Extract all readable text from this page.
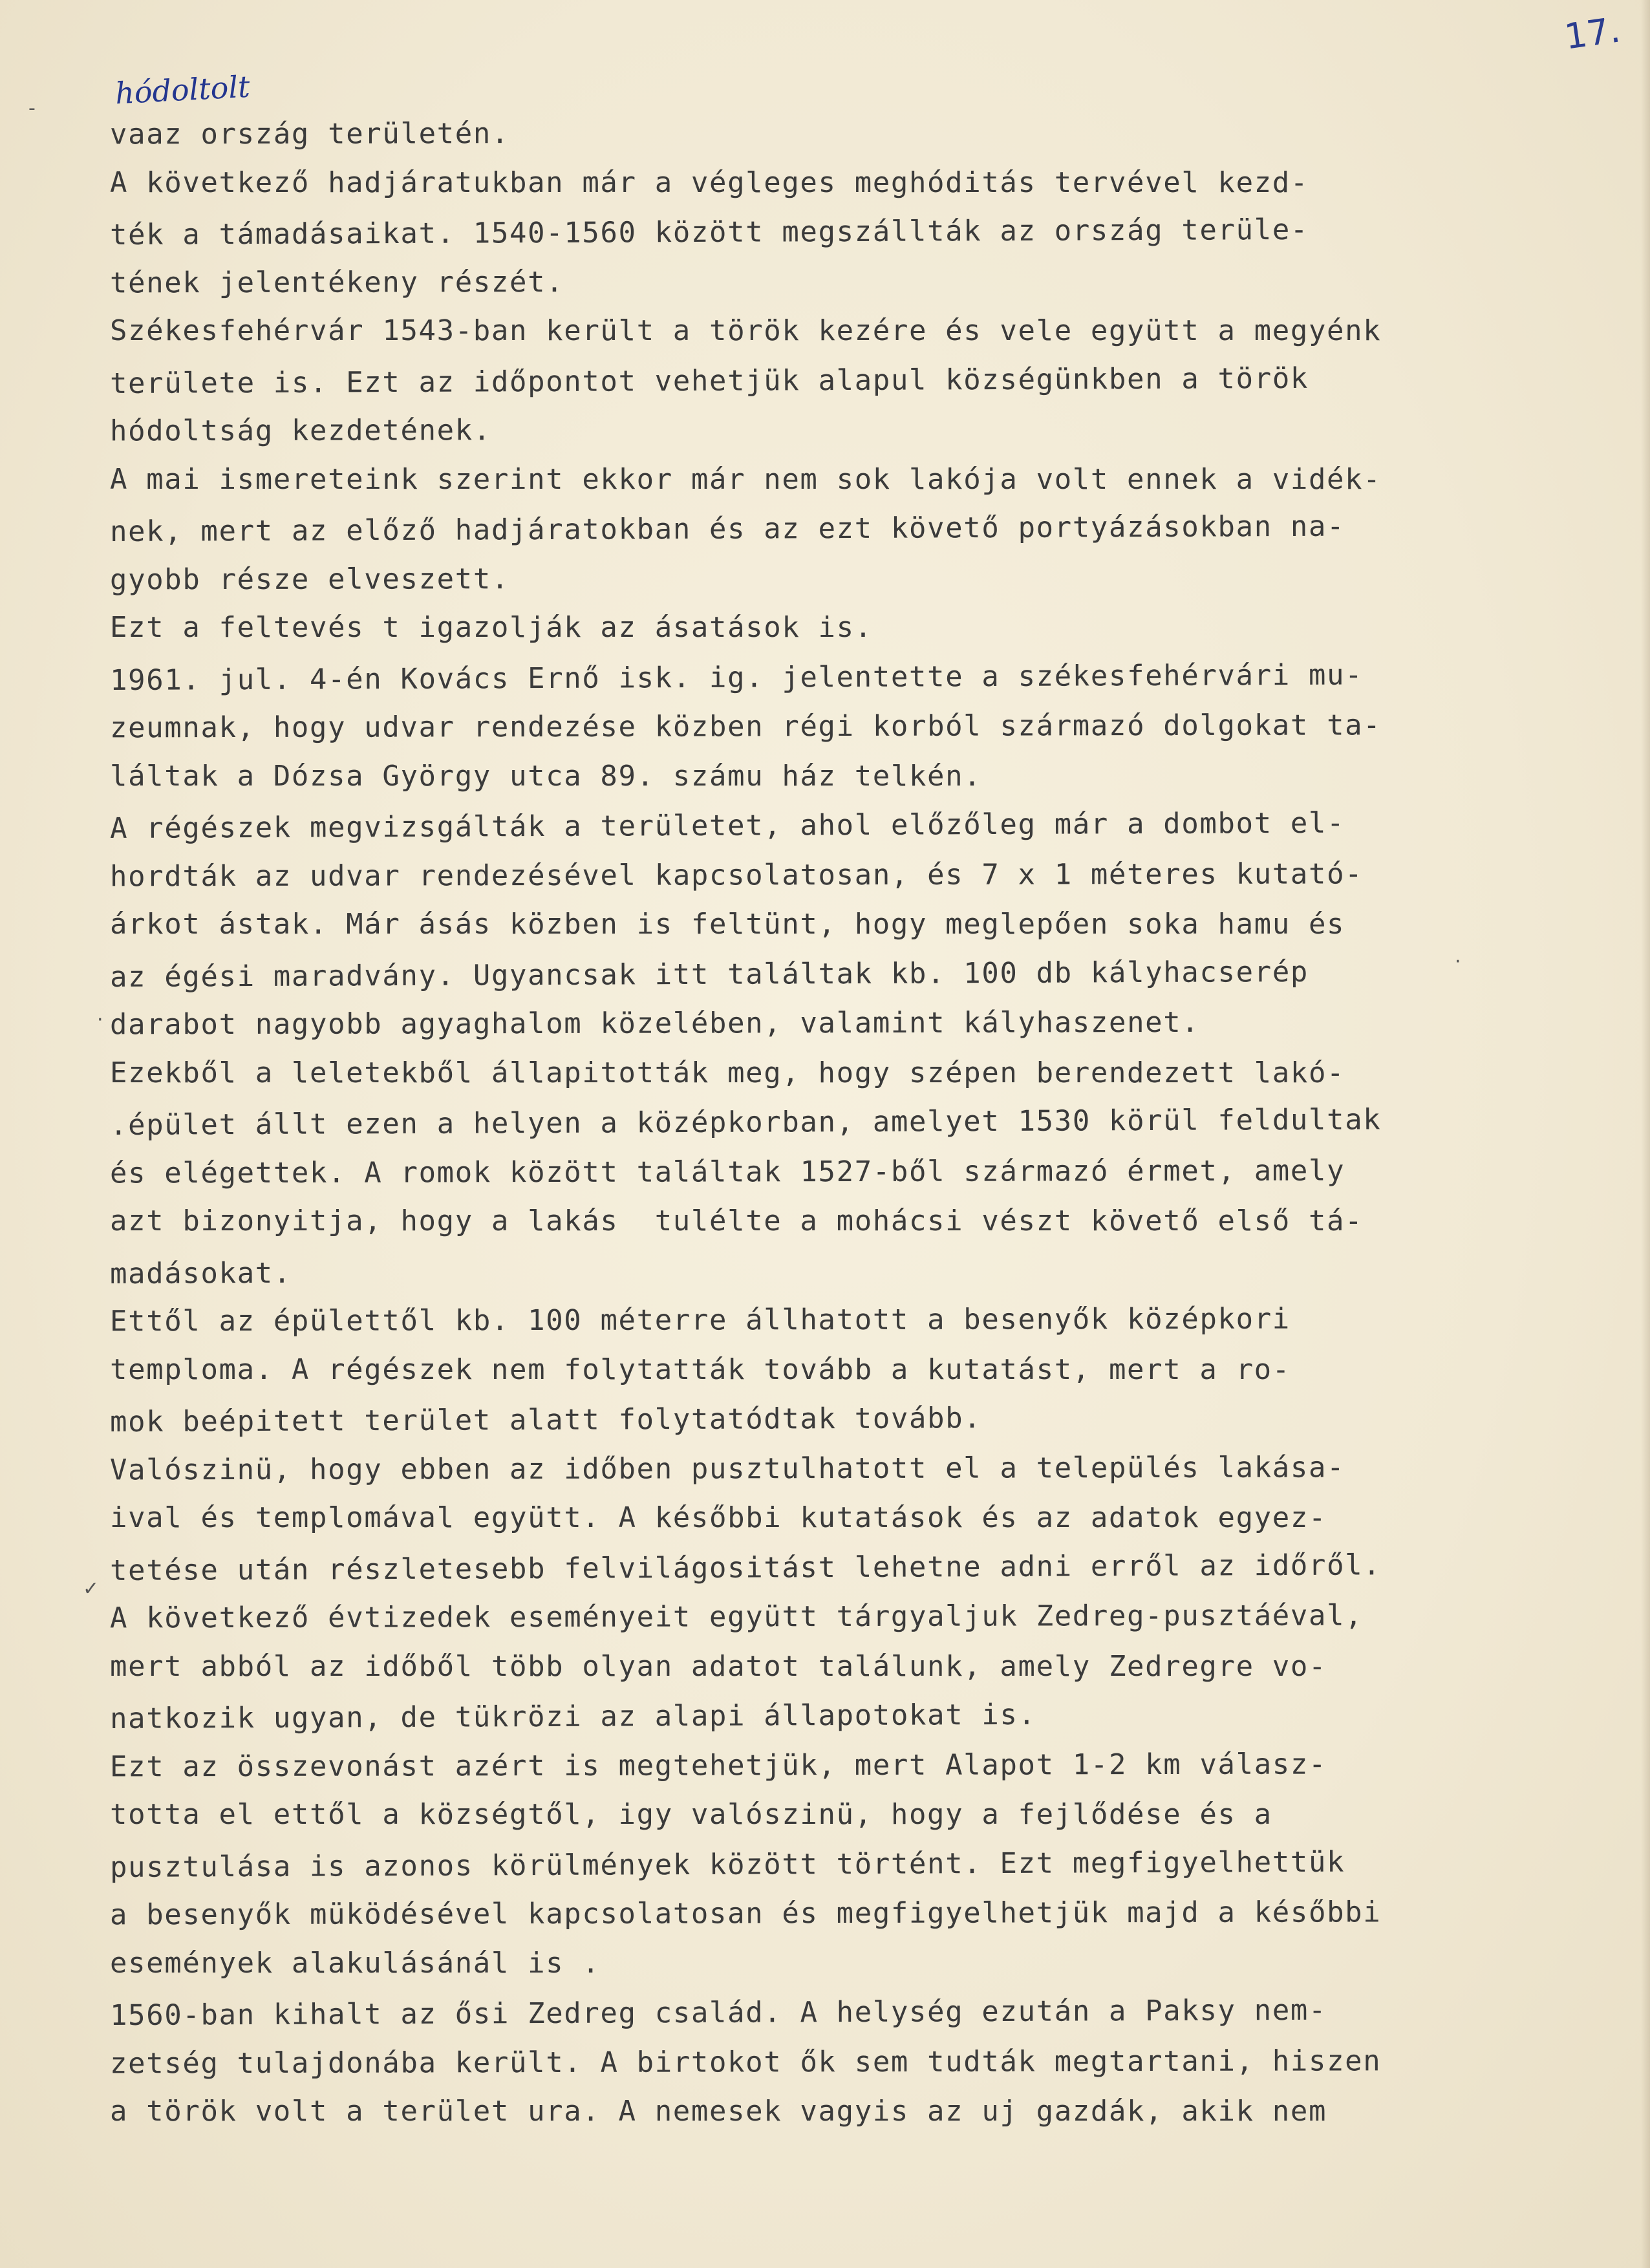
17.
hódoltolt
-
·
·
✓
vaaz ország területén.
A következő hadjáratukban már a végleges meghóditás tervével kezd-
ték a támadásaikat. 1540-1560 között megszállták az ország terüle-
tének jelentékeny részét.
Székesfehérvár 1543-ban került a török kezére és vele együtt a megyénk
területe is. Ezt az időpontot vehetjük alapul községünkben a török
hódoltság kezdetének.
A mai ismereteink szerint ekkor már nem sok lakója volt ennek a vidék-
nek, mert az előző hadjáratokban és az ezt követő portyázásokban na-
gyobb része elveszett.
Ezt a feltevés t igazolják az ásatások is.
1961. jul. 4-én Kovács Ernő isk. ig. jelentette a székesfehérvári mu-
zeumnak, hogy udvar rendezése közben régi korból származó dolgokat ta-
láltak a Dózsa György utca 89. számu ház telkén.
A régészek megvizsgálták a területet, ahol előzőleg már a dombot el-
hordták az udvar rendezésével kapcsolatosan, és 7 x 1 méteres kutató-
árkot ástak. Már ásás közben is feltünt, hogy meglepően soka hamu és
az égési maradvány. Ugyancsak itt találtak kb. 100 db kályhacserép
darabot nagyobb agyaghalom közelében, valamint kályhaszenet.
Ezekből a leletekből állapitották meg, hogy szépen berendezett lakó-
.épület állt ezen a helyen a középkorban, amelyet 1530 körül feldultak
és elégettek. A romok között találtak 1527-ből származó érmet, amely
azt bizonyitja, hogy a lakás  tulélte a mohácsi vészt követő első tá-
madásokat.
Ettől az épülettől kb. 100 méterre állhatott a besenyők középkori
temploma. A régészek nem folytatták tovább a kutatást, mert a ro-
mok beépitett terület alatt folytatódtak tovább.
Valószinü, hogy ebben az időben pusztulhatott el a település lakása-
ival és templomával együtt. A későbbi kutatások és az adatok egyez-
tetése után részletesebb felvilágositást lehetne adni erről az időről.
A következő évtizedek eseményeit együtt tárgyaljuk Zedreg-pusztáéval,
mert abból az időből több olyan adatot találunk, amely Zedregre vo-
natkozik ugyan, de tükrözi az alapi állapotokat is.
Ezt az összevonást azért is megtehetjük, mert Alapot 1-2 km válasz-
totta el ettől a községtől, igy valószinü, hogy a fejlődése és a
pusztulása is azonos körülmények között történt. Ezt megfigyelhettük
a besenyők müködésével kapcsolatosan és megfigyelhetjük majd a későbbi
események alakulásánál is .
1560-ban kihalt az ősi Zedreg család. A helység ezután a Paksy nem-
zetség tulajdonába került. A birtokot ők sem tudták megtartani, hiszen
a török volt a terület ura. A nemesek vagyis az uj gazdák, akik nem
